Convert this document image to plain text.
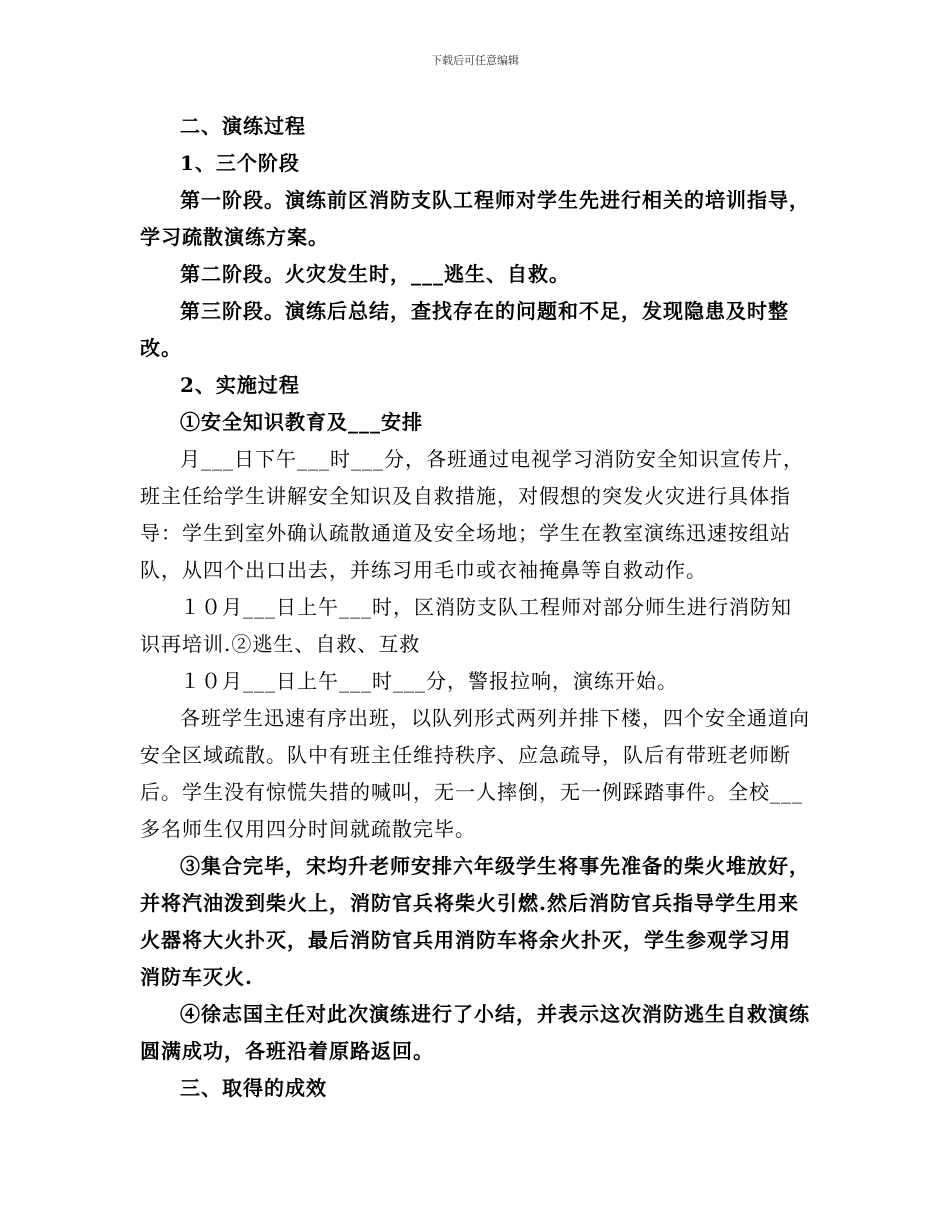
下载后可任意编辑

二、演练过程

1、三个阶段

第一阶段。演练前区消防支队工程师对学生先进行相关的培训指导，学习疏散演练方案。

第二阶段。火灾发生时，___逃生、自救。

第三阶段。演练后总结，查找存在的问题和不足，发现隐患及时整改。

2、实施过程

①安全知识教育及___安排

月___日下午___时___分，各班通过电视学习消防安全知识宣传片，班主任给学生讲解安全知识及自救措施，对假想的突发火灾进行具体指导：学生到室外确认疏散通道及安全场地；学生在教室演练迅速按组站队，从四个出口出去，并练习用毛巾或衣袖掩鼻等自救动作。

１０月___日上午___时，区消防支队工程师对部分师生进行消防知识再培训.②逃生、自救、互救

１０月___日上午___时___分，警报拉响，演练开始。

各班学生迅速有序出班，以队列形式两列并排下楼，四个安全通道向安全区域疏散。队中有班主任维持秩序、应急疏导，队后有带班老师断后。学生没有惊慌失措的喊叫，无一人摔倒，无一例踩踏事件。全校___多名师生仅用四分时间就疏散完毕。

③集合完毕，宋均升老师安排六年级学生将事先准备的柴火堆放好，并将汽油泼到柴火上，消防官兵将柴火引燃.然后消防官兵指导学生用来火器将大火扑灭，最后消防官兵用消防车将余火扑灭，学生参观学习用消防车灭火.

④徐志国主任对此次演练进行了小结，并表示这次消防逃生自救演练圆满成功，各班沿着原路返回。

三、取得的成效
